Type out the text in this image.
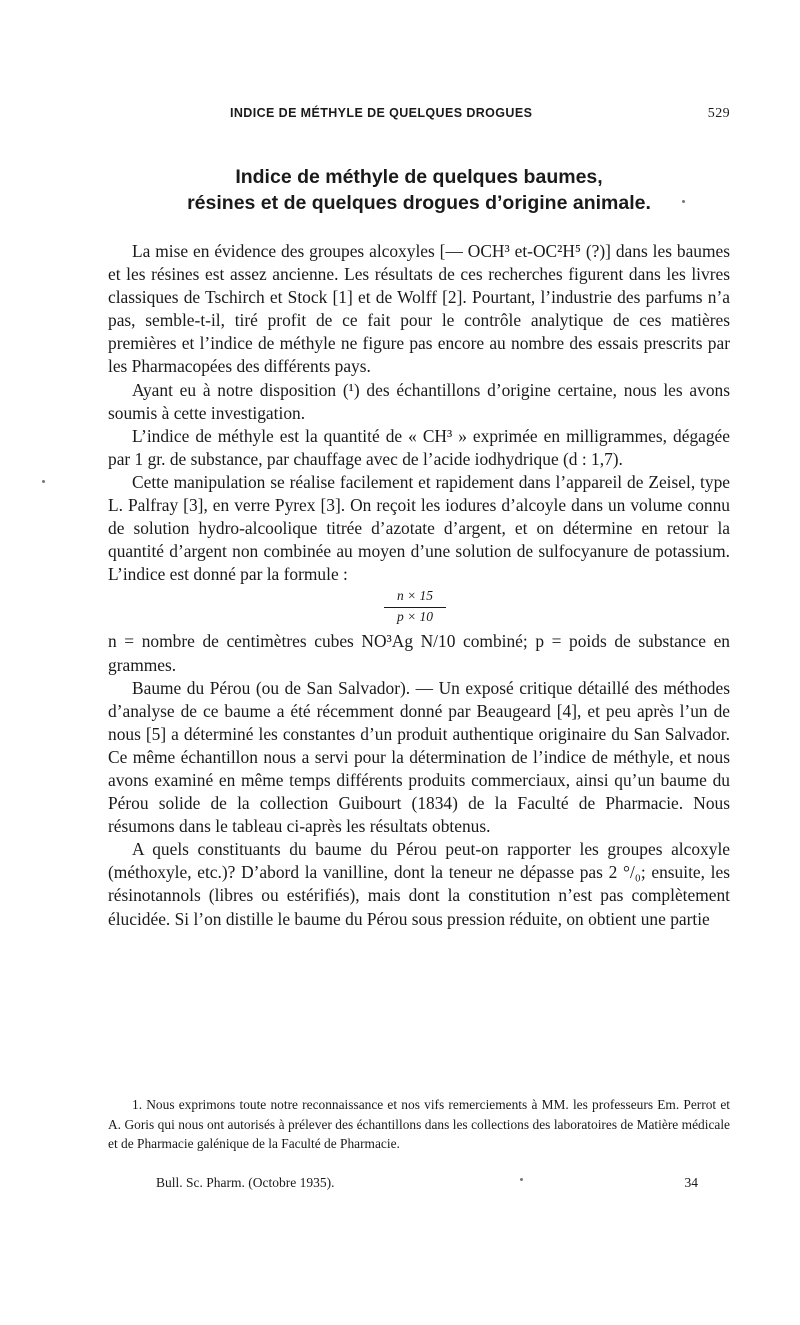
INDICE DE MÉTHYLE DE QUELQUES DROGUES	529
Indice de méthyle de quelques baumes,
résines et de quelques drogues d’origine animale.

La mise en évidence des groupes alcoxyles [— OCH³ et-OC²H⁵ (?)] dans les baumes et les résines est assez ancienne. Les résultats de ces recherches figurent dans les livres classiques de Tschirch et Stock [1] et de Wolff [2]. Pourtant, l’industrie des parfums n’a pas, semble-t-il, tiré profit de ce fait pour le contrôle analytique de ces matières premières et l’indice de méthyle ne figure pas encore au nombre des essais prescrits par les Pharmacopées des différents pays.

Ayant eu à notre disposition (¹) des échantillons d’origine certaine, nous les avons soumis à cette investigation.

L’indice de méthyle est la quantité de « CH³ » exprimée en milligrammes, dégagée par 1 gr. de substance, par chauffage avec de l’acide iodhydrique (d : 1,7).

Cette manipulation se réalise facilement et rapidement dans l’appareil de Zeisel, type L. Palfray [3], en verre Pyrex [3]. On reçoit les iodures d’alcoyle dans un volume connu de solution hydro-alcoolique titrée d’azotate d’argent, et on détermine en retour la quantité d’argent non combinée au moyen d’une solution de sulfocyanure de potassium. L’indice est donné par la formule :

n × 15
p × 10

n = nombre de centimètres cubes NO³Ag N/10 combiné; p = poids de substance en grammes.

Baume du Pérou (ou de San Salvador). — Un exposé critique détaillé des méthodes d’analyse de ce baume a été récemment donné par Beaugeard [4], et peu après l’un de nous [5] a déterminé les constantes d’un produit authentique originaire du San Salvador. Ce même échantillon nous a servi pour la détermination de l’indice de méthyle, et nous avons examiné en même temps différents produits commerciaux, ainsi qu’un baume du Pérou solide de la collection Guibourt (1834) de la Faculté de Pharmacie. Nous résumons dans le tableau ci-après les résultats obtenus.

A quels constituants du baume du Pérou peut-on rapporter les groupes alcoxyle (méthoxyle, etc.)? D’abord la vanilline, dont la teneur ne dépasse pas 2 °/₀; ensuite, les résinotannols (libres ou estérifiés), mais dont la constitution n’est pas complètement élucidée. Si l’on distille le baume du Pérou sous pression réduite, on obtient une partie

1. Nous exprimons toute notre reconnaissance et nos vifs remerciements à MM. les professeurs Em. Perrot et A. Goris qui nous ont autorisés à prélever des échantillons dans les collections des laboratoires de Matière médicale et de Pharmacie galénique de la Faculté de Pharmacie.

Bull. Sc. Pharm. (Octobre 1935).	34
